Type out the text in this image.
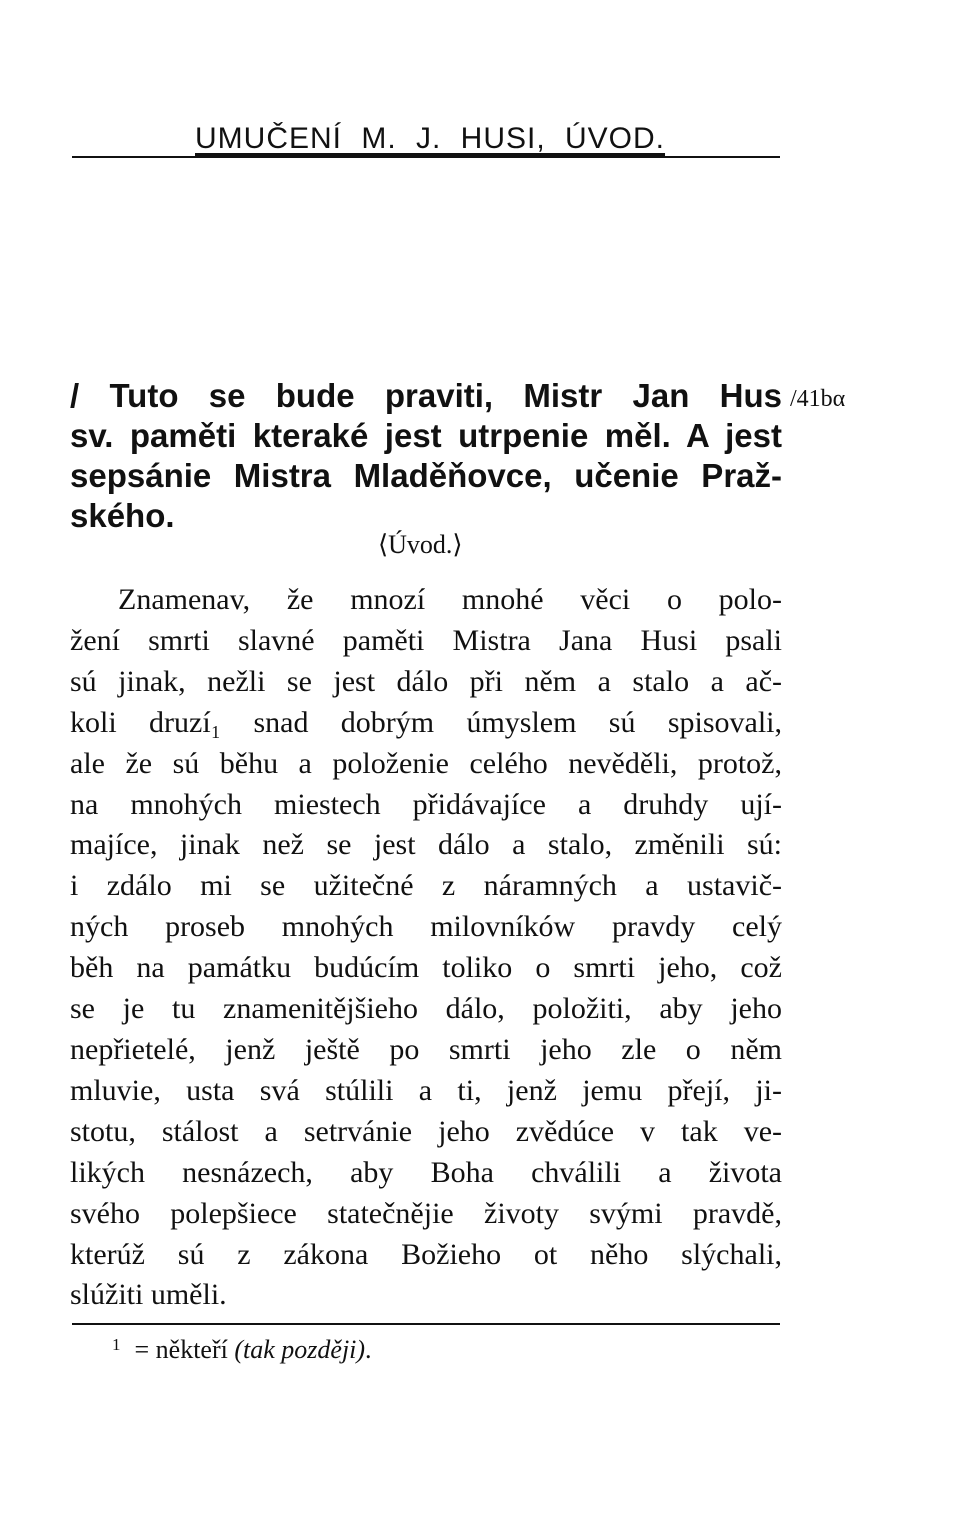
UMUČENÍ M. J. HUSI, ÚVOD.
/ Tuto se bude praviti, Mistr Jan Hus
sv. paměti kteraké jest utrpenie měl. A jest
sepsánie Mistra Mladěňovce, učenie Praž-
ského.
/41bα
⟨Úvod.⟩
Znamenav, že mnozí mnohé věci o polo-
žení smrti slavné paměti Mistra Jana Husi psali
sú jinak, nežli se jest dálo při něm a stalo a ač-
koli druzí₁ snad dobrým úmyslem sú spisovali,
ale že sú běhu a položenie celého nevěděli, protož,
na mnohých miestech přidávajíce a druhdy ují-
majíce, jinak než se jest dálo a stalo, změnili sú:
i zdálo mi se užitečné z náramných a ustavič-
ných proseb mnohých milovníków pravdy celý
běh na památku budúcím toliko o smrti jeho, což
se je tu znamenitějšieho dálo, položiti, aby jeho
nepřietelé, jenž ještě po smrti jeho zle o něm
mluvie, usta svá stúlili a ti, jenž jemu přejí, ji-
stotu, stálost a setrvánie jeho zvědúce v tak ve-
likých nesnázech, aby Boha chválili a života
svého polepšiece statečnějie životy svými pravdě,
kterúž sú z zákona Božieho ot něho slýchali,
slúžiti uměli.
$^1$ = někteří (tak později).
